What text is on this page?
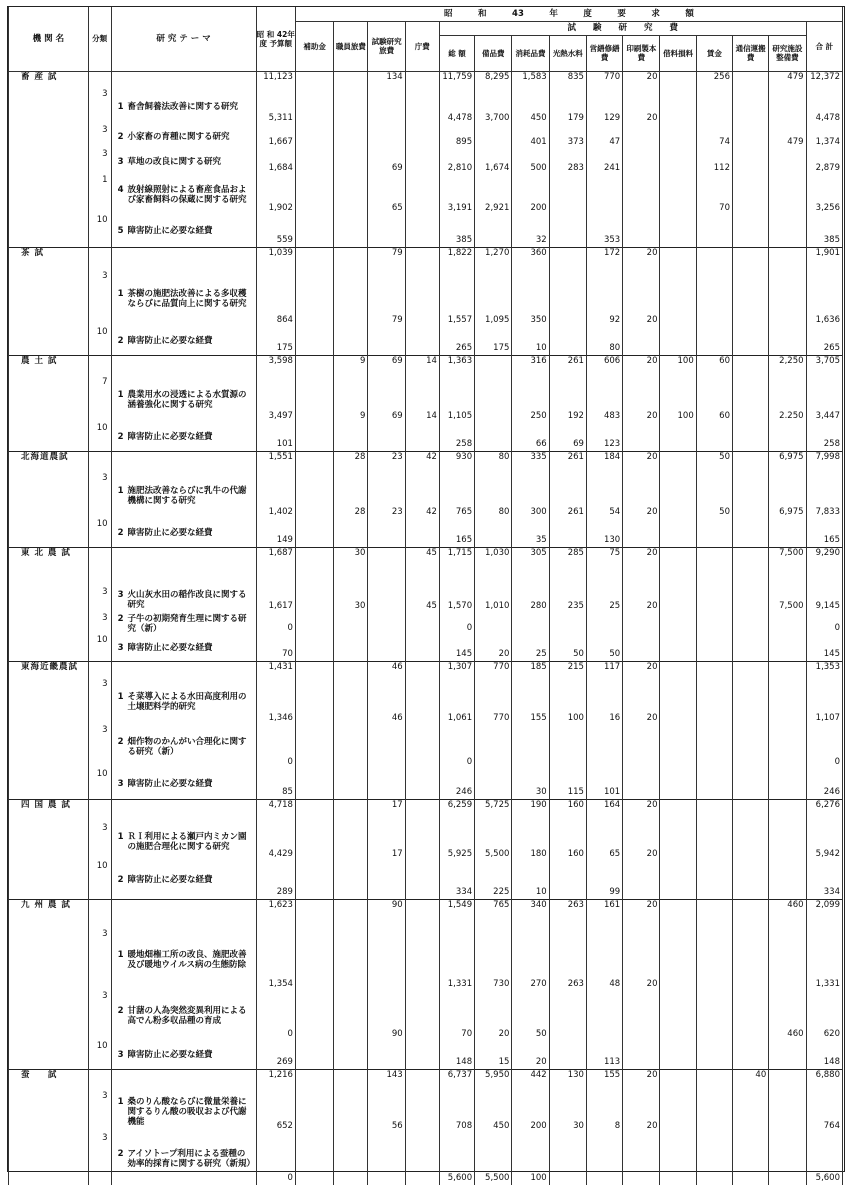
機 関 名	分類	研 究 テ ー マ	昭 和 42年度 予算額	昭　　　和　　　43　　　年　　　度　　　要　　　求　　　額														
				補助金	職員旅費	試験研究旅費	庁費	試　　験　　研　　究　　費										合 計
								総 額	備品費	消耗品費	光熱水料	営繕修繕費	印刷製本費	借料損料	賃金	通信運搬費	研究施設整備費	
畜 産 試			11,123			134		11,759	8,295	1,583	835	770	20		256		479	12,372
	3	1 畜舎飼養法改善に関する研究	5,311					4,478	3,700	450	179	129	20					4,478
	3	2 小家畜の育種に関する研究	1,667					895		401	373	47			74		479	1,374
	3	3 草地の改良に関する研究	1,684			69		2,810	1,674	500	283	241			112			2,879
	1	4 放射線照射による畜産食品および家畜飼料の保蔵に関する研究	1,902			65		3,191	2,921	200					70			3,256
	10	5 障害防止に必要な経費	559					385		32		353						385
茶 試			1,039			79		1,822	1,270	360		172	20					1,901
	3	1 茶樹の施肥法改善による多収穫ならびに品質向上に関する研究	864			79		1,557	1,095	350		92	20					1,636
	10	2 障害防止に必要な経費	175					265	175	10		80						265
農 土 試			3,598		9	69	14	1,363		316	261	606	20	100	60		2,250	3,705
	7	1 農業用水の浸透による水質源の涵養強化に関する研究	3,497		9	69	14	1,105		250	192	483	20	100	60		2.250	3,447
	10	2 障害防止に必要な経費	101					258		66	69	123						258
北海道農試			1,551		28	23	42	930	80	335	261	184	20		50		6,975	7,998
	3	1 施肥法改善ならびに乳牛の代謝機構に関する研究	1,402		28	23	42	765	80	300	261	54	20		50		6,975	7,833
	10	2 障害防止に必要な経費	149					165		35		130						165
東 北 農 試			1,687		30		45	1,715	1,030	305	285	75	20				7,500	9,290
	3	3 火山灰水田の稲作改良に関する研究	1,617		30		45	1,570	1,010	280	235	25	20				7,500	9,145
	3	2 子牛の初期発育生理に関する研究（新）	0					0										0
	10	3 障害防止に必要な経費	70					145	20	25	50	50						145
東海近畿農試			1,431			46		1,307	770	185	215	117	20					1,353
	3	1 そ菜導入による水田高度利用の土壌肥料学的研究	1,346			46		1,061	770	155	100	16	20					1,107
	3	2 畑作物のかんがい合理化に関する研究（新）	0					0										0
	10	3 障害防止に必要な経費	85					246		30	115	101						246
四 国 農 試			4,718			17		6,259	5,725	190	160	164	20					6,276
	3	1 ＲＩ利用による瀬戸内ミカン園の施肥合理化に関する研究	4,429			17		5,925	5,500	180	160	65	20					5,942
	10	2 障害防止に必要な経費	289					334	225	10		99						334
九 州 農 試			1,623			90		1,549	765	340	263	161	20				460	2,099
	3	1 暖地畑権工所の改良、施肥改善及び暖地ウイルス病の生態防除	1,354					1,331	730	270	263	48	20					1,331
	3	2 甘藷の人為突然変異利用による高でん粉多収品種の育成	0			90		70	20	50							460	620
	10	3 障害防止に必要な経費	269					148	15	20		113						148
蚕 　 試			1,216			143		6,737	5,950	442	130	155	20			40		6,880
	3	1 桑のりん酸ならびに微量栄養に関するりん酸の吸収および代謝機能	652			56		708	450	200	30	8	20					764
	3	2 アイソトープ利用による蚕種の効率的採育に関する研究（新規）	0					5,600	5,500	100								5,600
